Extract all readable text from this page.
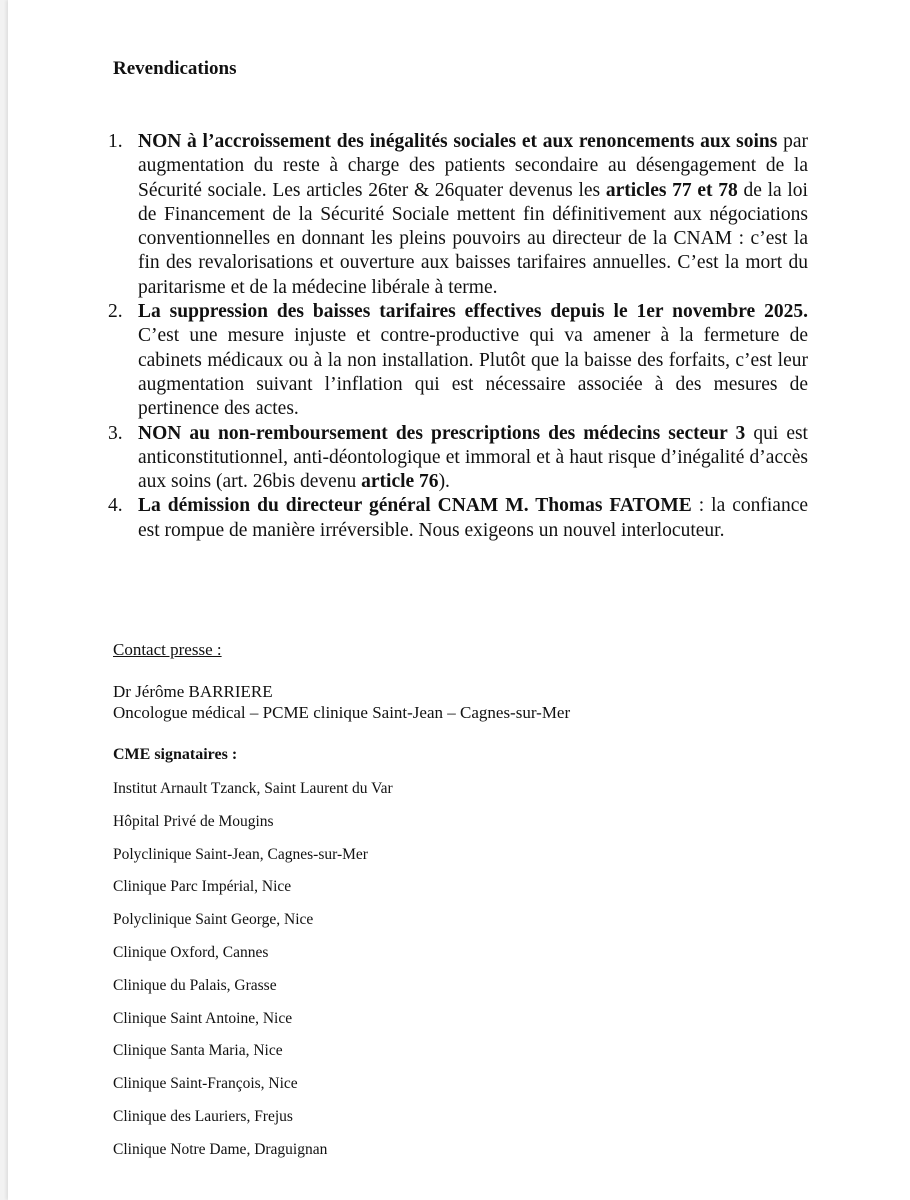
Revendications
1. NON à l’accroissement des inégalités sociales et aux renoncements aux soins par augmentation du reste à charge des patients secondaire au désengagement de la Sécurité sociale. Les articles 26ter & 26quater devenus les articles 77 et 78 de la loi de Financement de la Sécurité Sociale mettent fin définitivement aux négociations conventionnelles en donnant les pleins pouvoirs au directeur de la CNAM : c’est la fin des revalorisations et ouverture aux baisses tarifaires annuelles. C’est la mort du paritarisme et de la médecine libérale à terme.
2. La suppression des baisses tarifaires effectives depuis le 1er novembre 2025. C’est une mesure injuste et contre-productive qui va amener à la fermeture de cabinets médicaux ou à la non installation. Plutôt que la baisse des forfaits, c’est leur augmentation suivant l’inflation qui est nécessaire associée à des mesures de pertinence des actes.
3. NON au non-remboursement des prescriptions des médecins secteur 3 qui est anticonstitutionnel, anti-déontologique et immoral et à haut risque d’inégalité d’accès aux soins (art. 26bis devenu article 76).
4. La démission du directeur général CNAM M. Thomas FATOME : la confiance est rompue de manière irréversible. Nous exigeons un nouvel interlocuteur.
Contact presse :
Dr Jérôme BARRIERE
Oncologue médical – PCME clinique Saint-Jean – Cagnes-sur-Mer
CME signataires :
Institut Arnault Tzanck, Saint Laurent du Var
Hôpital Privé de Mougins
Polyclinique Saint-Jean, Cagnes-sur-Mer
Clinique Parc Impérial, Nice
Polyclinique Saint George, Nice
Clinique Oxford, Cannes
Clinique du Palais, Grasse
Clinique Saint Antoine, Nice
Clinique Santa Maria, Nice
Clinique Saint-François, Nice
Clinique des Lauriers, Frejus
Clinique Notre Dame, Draguignan
